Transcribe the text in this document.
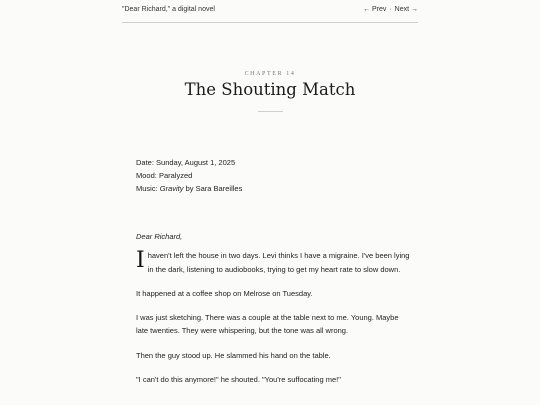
"Dear Richard," a digital novel	← Prev · Next →
CHAPTER 14
The Shouting Match
Date: Sunday, August 1, 2025
Mood: Paralyzed
Music: Gravity by Sara Bareilles
Dear Richard,

I haven't left the house in two days. Levi thinks I have a migraine. I've been lying in the dark, listening to audiobooks, trying to get my heart rate to slow down.

It happened at a coffee shop on Melrose on Tuesday.

I was just sketching. There was a couple at the table next to me. Young. Maybe late twenties. They were whispering, but the tone was all wrong.

Then the guy stood up. He slammed his hand on the table.

"I can't do this anymore!" he shouted. "You're suffocating me!"
